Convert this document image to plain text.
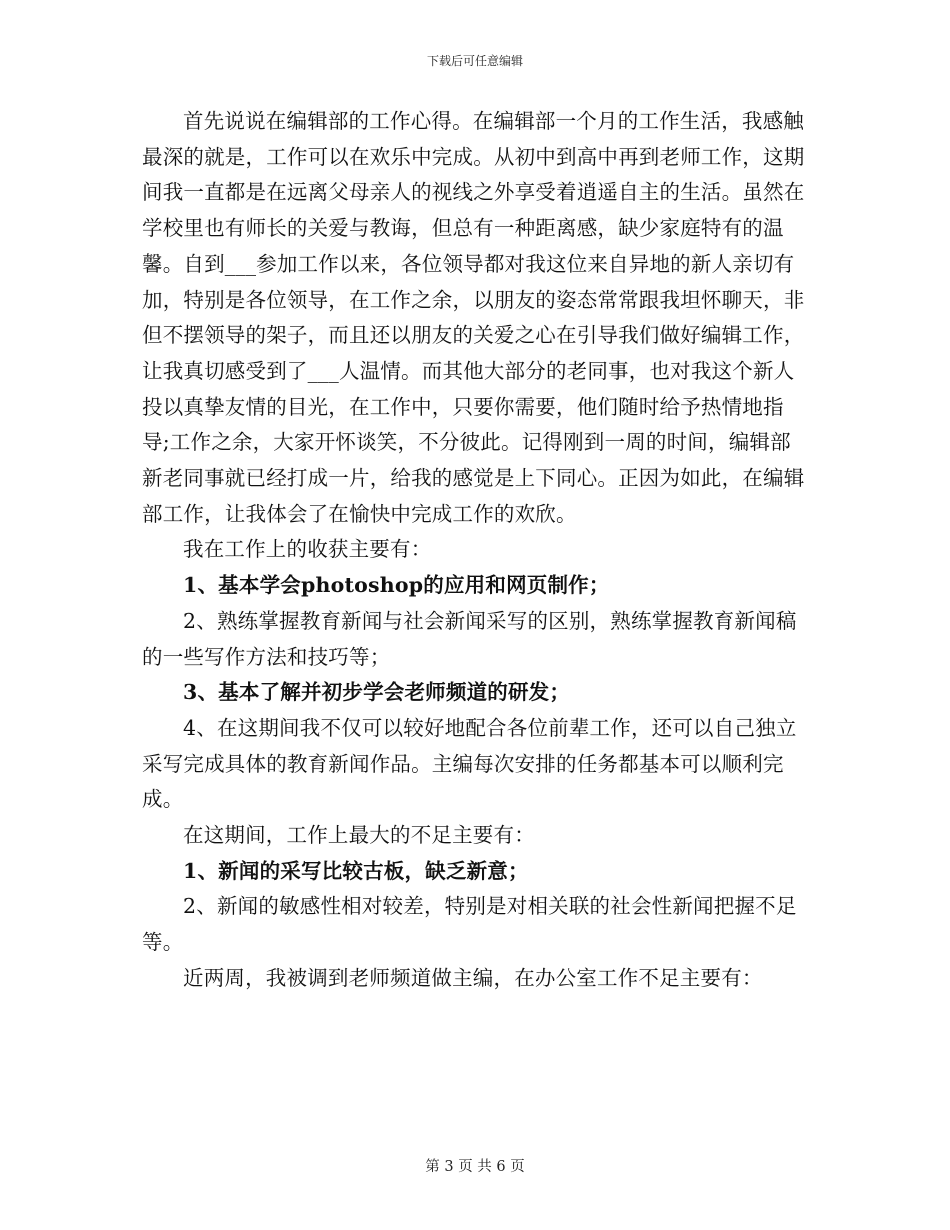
下载后可任意编辑

首先说说在编辑部的工作心得。在编辑部一个月的工作生活，我感触最深的就是，工作可以在欢乐中完成。从初中到高中再到老师工作，这期间我一直都是在远离父母亲人的视线之外享受着逍遥自主的生活。虽然在学校里也有师长的关爱与教诲，但总有一种距离感，缺少家庭特有的温馨。自到___参加工作以来，各位领导都对我这位来自异地的新人亲切有加，特别是各位领导，在工作之余，以朋友的姿态常常跟我坦怀聊天，非但不摆领导的架子，而且还以朋友的关爱之心在引导我们做好编辑工作，让我真切感受到了___人温情。而其他大部分的老同事，也对我这个新人投以真挚友情的目光，在工作中，只要你需要，他们随时给予热情地指导;工作之余，大家开怀谈笑，不分彼此。记得刚到一周的时间，编辑部新老同事就已经打成一片，给我的感觉是上下同心。正因为如此，在编辑部工作，让我体会了在愉快中完成工作的欢欣。

我在工作上的收获主要有：

1、基本学会photoshop的应用和网页制作；

2、熟练掌握教育新闻与社会新闻采写的区别，熟练掌握教育新闻稿的一些写作方法和技巧等；

3、基本了解并初步学会老师频道的研发；

4、在这期间我不仅可以较好地配合各位前辈工作，还可以自己独立采写完成具体的教育新闻作品。主编每次安排的任务都基本可以顺利完成。

在这期间，工作上最大的不足主要有：

1、新闻的采写比较古板，缺乏新意；

2、新闻的敏感性相对较差，特别是对相关联的社会性新闻把握不足等。

近两周，我被调到老师频道做主编，在办公室工作不足主要有：

第 3 页 共 6 页
